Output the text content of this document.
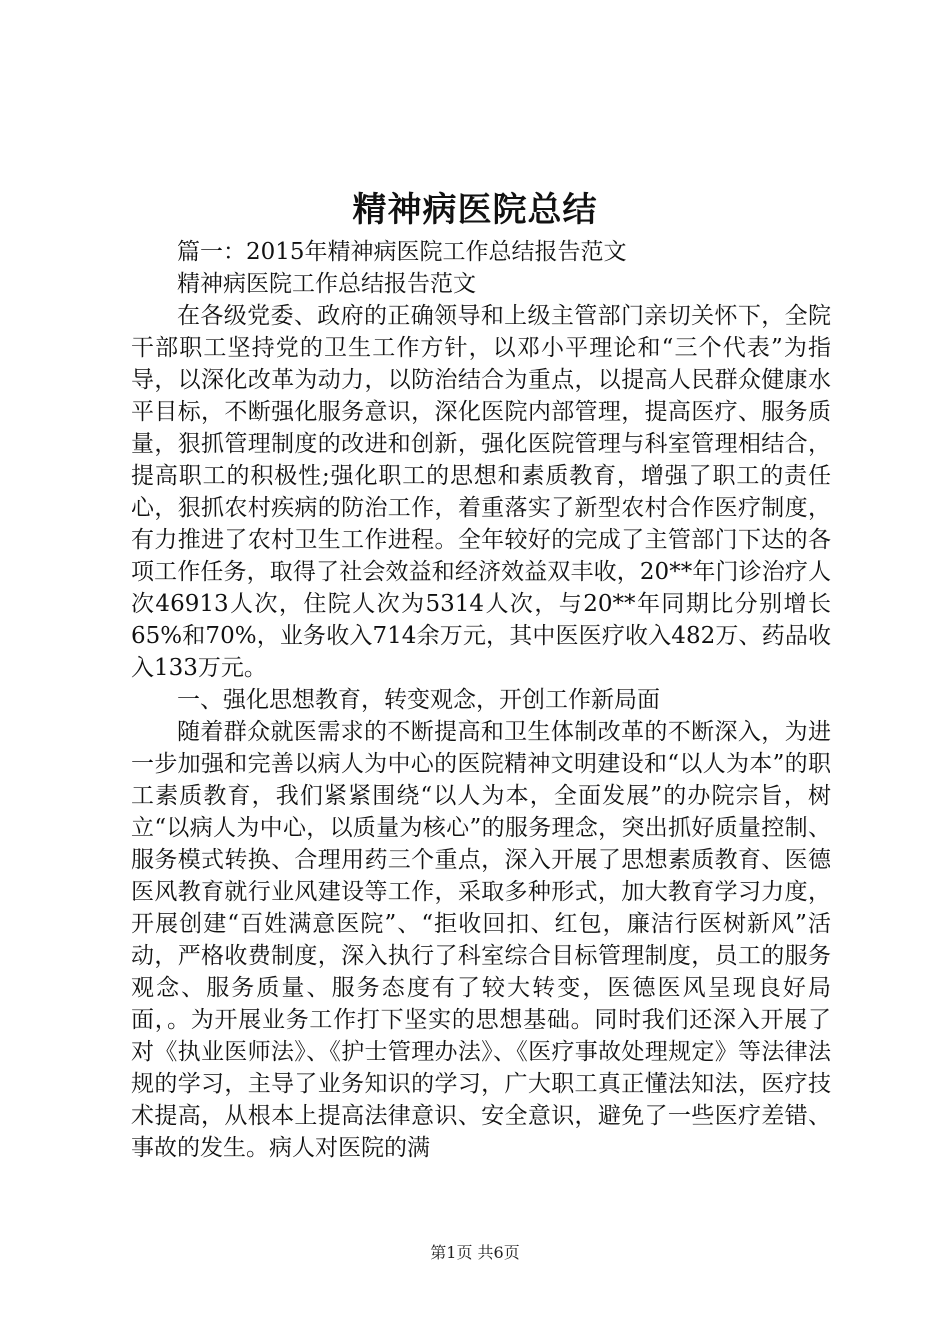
精神病医院总结

篇一：2015年精神病医院工作总结报告范文

精神病医院工作总结报告范文

在各级党委、政府的正确领导和上级主管部门亲切关怀下，全院干部职工坚持党的卫生工作方针，以邓小平理论和“三个代表”为指导，以深化改革为动力，以防治结合为重点，以提高人民群众健康水平目标，不断强化服务意识，深化医院内部管理，提高医疗、服务质量，狠抓管理制度的改进和创新，强化医院管理与科室管理相结合，提高职工的积极性;强化职工的思想和素质教育，增强了职工的责任心，狠抓农村疾病的防治工作，着重落实了新型农村合作医疗制度，有力推进了农村卫生工作进程。全年较好的完成了主管部门下达的各项工作任务，取得了社会效益和经济效益双丰收，20**年门诊治疗人次46913人次，住院人次为5314人次，与20**年同期比分别增长65%和70%，业务收入714余万元，其中医医疗收入482万、药品收入133万元。

一、强化思想教育，转变观念，开创工作新局面

随着群众就医需求的不断提高和卫生体制改革的不断深入，为进一步加强和完善以病人为中心的医院精神文明建设和“以人为本”的职工素质教育，我们紧紧围绕“以人为本，全面发展”的办院宗旨，树立“以病人为中心，以质量为核心”的服务理念，突出抓好质量控制、服务模式转换、合理用药三个重点，深入开展了思想素质教育、医德医风教育就行业风建设等工作，采取多种形式，加大教育学习力度，开展创建“百姓满意医院”、“拒收回扣、红包，廉洁行医树新风”活动，严格收费制度，深入执行了科室综合目标管理制度，员工的服务观念、服务质量、服务态度有了较大转变，医德医风呈现良好局面，。为开展业务工作打下坚实的思想基础。同时我们还深入开展了对《执业医师法》、《护士管理办法》、《医疗事故处理规定》等法律法规的学习，主导了业务知识的学习，广大职工真正懂法知法，医疗技术提高，从根本上提高法律意识、安全意识，避免了一些医疗差错、事故的发生。病人对医院的满

第1页 共6页
